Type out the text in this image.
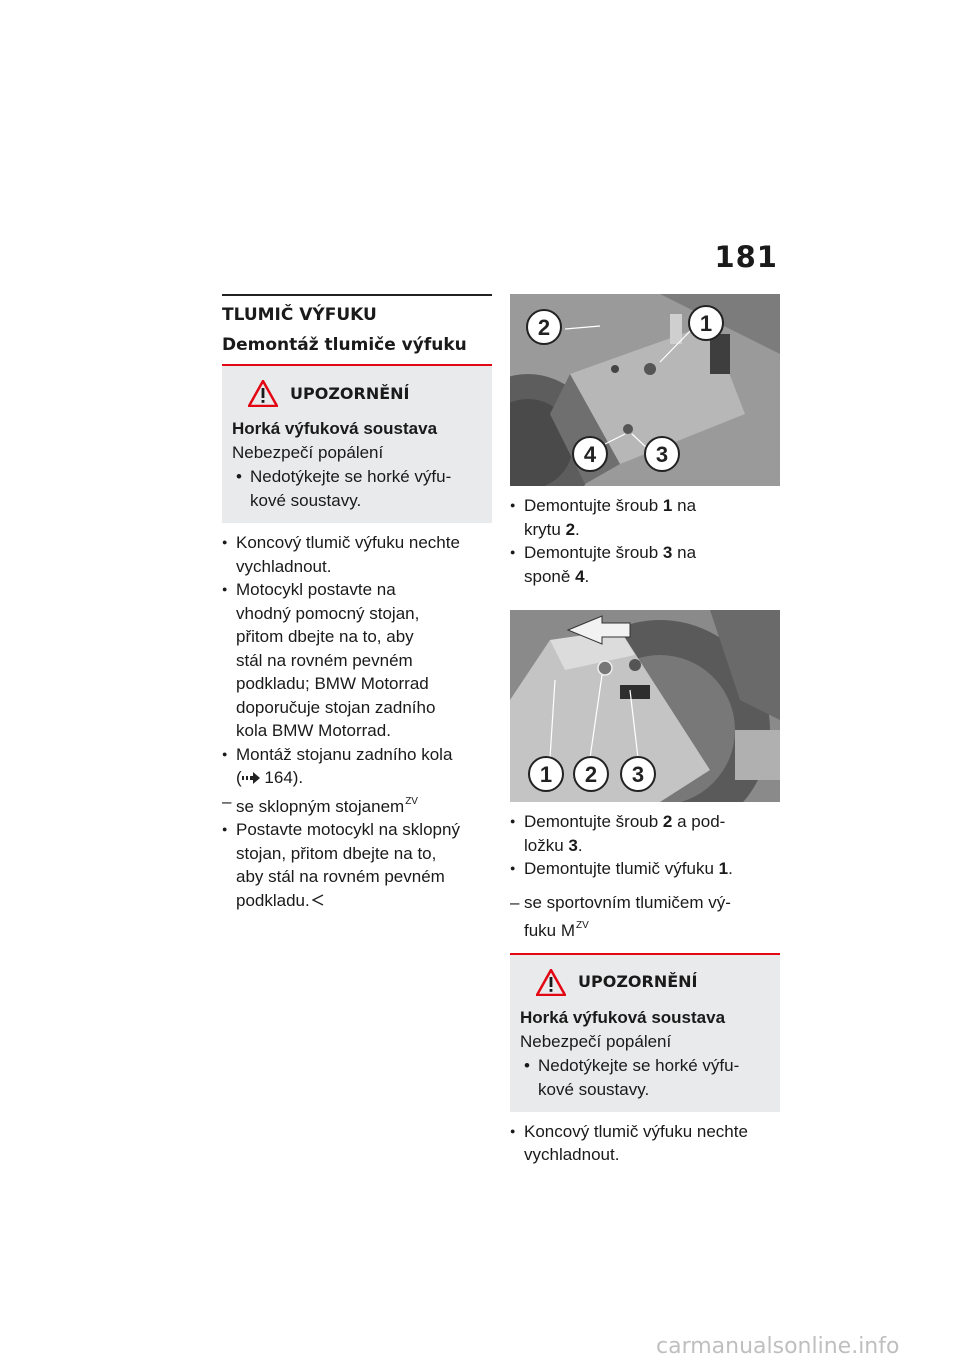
181
TLUMIČ VÝFUKU
Demontáž tlumiče výfuku
UPOZORNĚNÍ
Horká výfuková soustava
Nebezpečí popálení
• Nedotýkejte se horké výfu-
kové soustavy.
● Koncový tlumič výfuku nechte
vychladnout.
● Motocykl postavte na
vhodný pomocný stojan,
přitom dbejte na to, aby
stál na rovném pevném
podkladu; BMW Motorrad
doporučuje stojan zadního
kola BMW Motorrad.
● Montáž stojanu zadního kola
( 164).
– se sklopným stojanem$^{ZV}$
● Postavte motocykl na sklopný
stojan, přitom dbejte na to,
aby stál na rovném pevném
podkladu.
2	1
4	3
● Demontujte šroub 1 na
krytu 2.
● Demontujte šroub 3 na
sponě 4.
1 2 3
● Demontujte šroub 2 a pod-
ložku 3.
● Demontujte tlumič výfuku 1.
– se sportovním tlumičem vý-
fuku $M^{ZV}$
UPOZORNĚNÍ
Horká výfuková soustava
Nebezpečí popálení
• Nedotýkejte se horké výfu-
kové soustavy.
● Koncový tlumič výfuku nechte
vychladnout.
carmanualsonline.info
